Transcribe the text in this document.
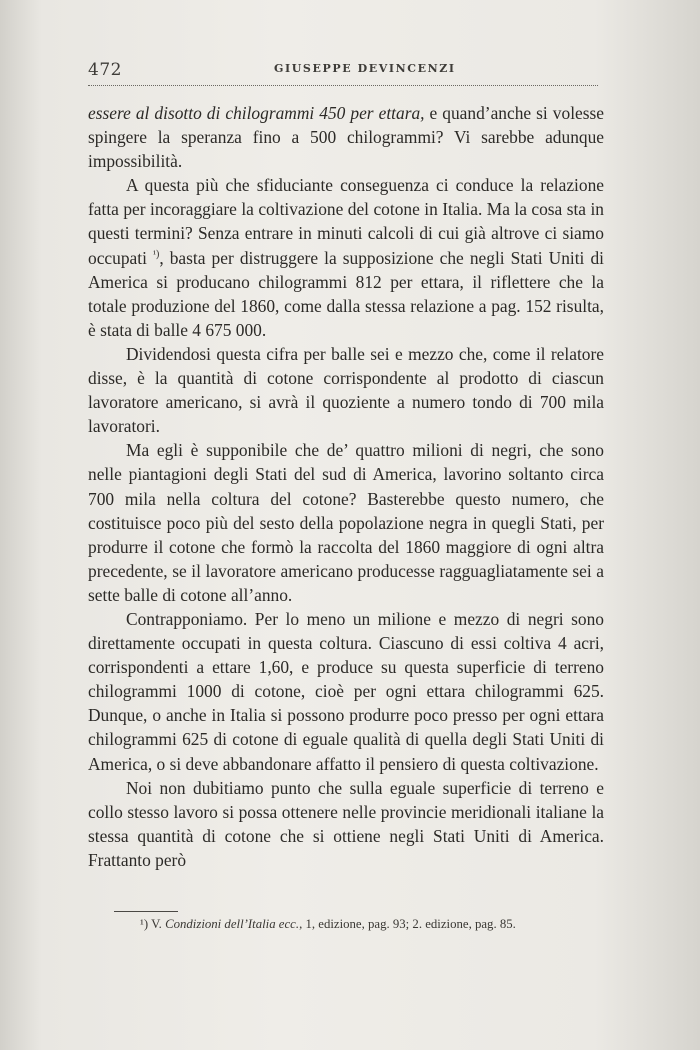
472	GIUSEPPE DEVINCENZI

essere al disotto di chilogrammi 450 per ettara, e quand’anche si volesse spingere la speranza fino a 500 chilogrammi? Vi sarebbe adunque impossibilità.

A questa più che sfiduciante conseguenza ci conduce la relazione fatta per incoraggiare la coltivazione del cotone in Italia. Ma la cosa sta in questi termini? Senza entrare in minuti calcoli di cui già altrove ci siamo occupati $^{^1)}$, basta per distruggere la supposizione che negli Stati Uniti di America si producano chilogrammi 812 per ettara, il riflettere che la totale produzione del 1860, come dalla stessa relazione a pag. 152 risulta, è stata di balle 4 675 000.

Dividendosi questa cifra per balle sei e mezzo che, come il relatore disse, è la quantità di cotone corrispondente al prodotto di ciascun lavoratore americano, si avrà il quoziente a numero tondo di 700 mila lavoratori.

Ma egli è supponibile che de’ quattro milioni di negri, che sono nelle piantagioni degli Stati del sud di America, lavorino soltanto circa 700 mila nella coltura del cotone? Basterebbe questo numero, che costituisce poco più del sesto della popolazione negra in quegli Stati, per produrre il cotone che formò la raccolta del 1860 maggiore di ogni altra precedente, se il lavoratore americano producesse ragguagliatamente sei a sette balle di cotone all’anno.

Contrapponiamo. Per lo meno un milione e mezzo di negri sono direttamente occupati in questa coltura. Ciascuno di essi coltiva 4 acri, corrispondenti a ettare 1,60, e produce su questa superficie di terreno chilogrammi 1000 di cotone, cioè per ogni ettara chilogrammi 625. Dunque, o anche in Italia si possono produrre poco presso per ogni ettara chilogrammi 625 di cotone di eguale qualità di quella degli Stati Uniti di America, o si deve abbandonare affatto il pensiero di questa coltivazione.

Noi non dubitiamo punto che sulla eguale superficie di terreno e collo stesso lavoro si possa ottenere nelle provincie meridionali italiane la stessa quantità di cotone che si ottiene negli Stati Uniti di America. Frattanto però

¹) V. Condizioni dell’Italia ecc., 1, edizione, pag. 93; 2. edizione, pag. 85.
